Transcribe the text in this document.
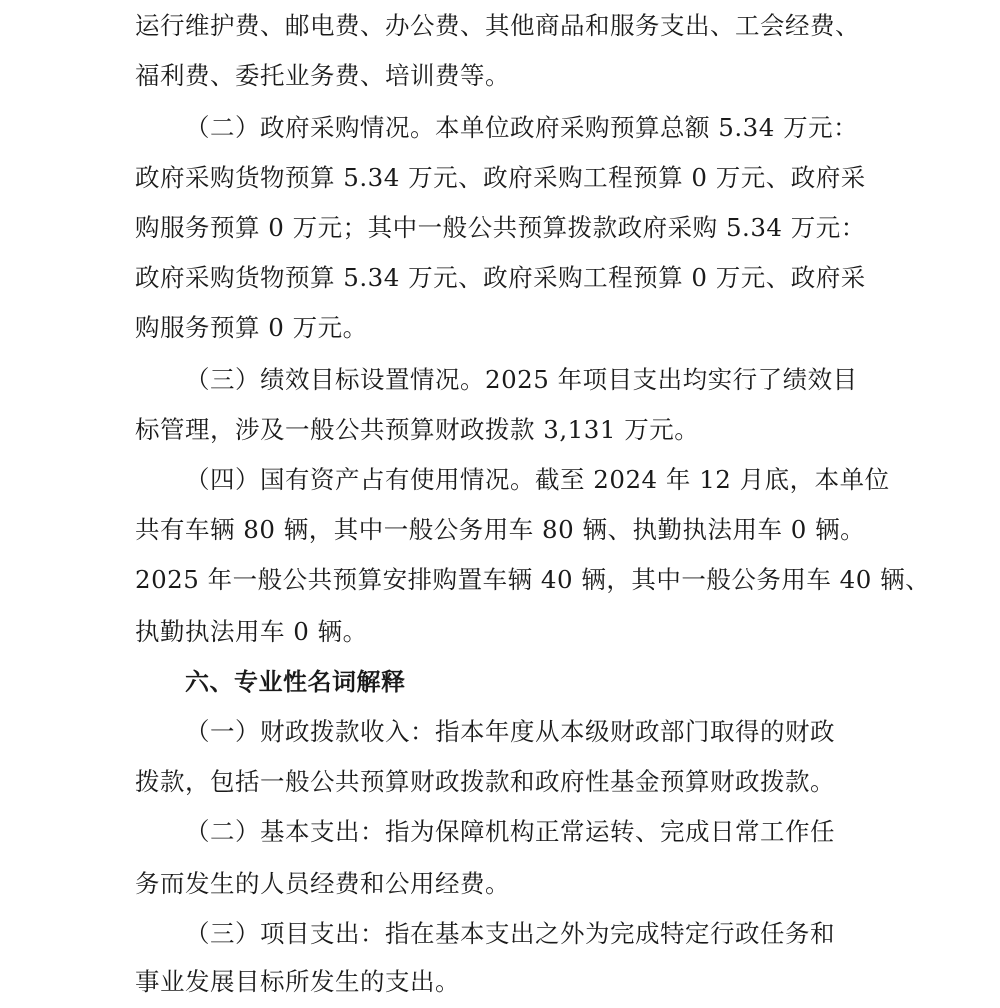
运行维护费、邮电费、办公费、其他商品和服务支出、工会经费、
福利费、委托业务费、培训费等。
（二）政府采购情况。本单位政府采购预算总额 5.34 万元：
政府采购货物预算 5.34 万元、政府采购工程预算 0 万元、政府采
购服务预算 0 万元；其中一般公共预算拨款政府采购 5.34 万元：
政府采购货物预算 5.34 万元、政府采购工程预算 0 万元、政府采
购服务预算 0 万元。
（三）绩效目标设置情况。2025 年项目支出均实行了绩效目
标管理，涉及一般公共预算财政拨款 3,131 万元。
（四）国有资产占有使用情况。截至 2024 年 12 月底，本单位
共有车辆 80 辆，其中一般公务用车 80 辆、执勤执法用车 0 辆。
2025 年一般公共预算安排购置车辆 40 辆，其中一般公务用车 40 辆、
执勤执法用车 0 辆。
六、专业性名词解释
（一）财政拨款收入：指本年度从本级财政部门取得的财政
拨款，包括一般公共预算财政拨款和政府性基金预算财政拨款。
（二）基本支出：指为保障机构正常运转、完成日常工作任
务而发生的人员经费和公用经费。
（三）项目支出：指在基本支出之外为完成特定行政任务和
事业发展目标所发生的支出。
